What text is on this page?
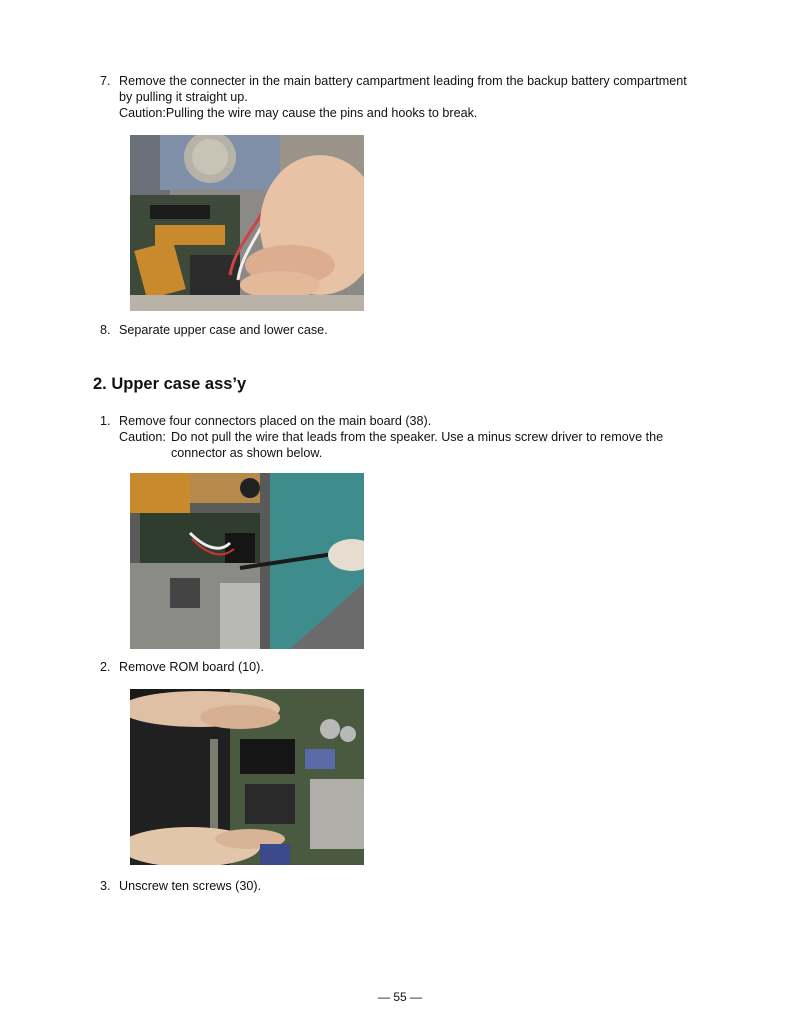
7. Remove the connecter in the main battery campartment leading from the backup battery compartment
by pulling it straight up.
Caution:Pulling the wire may cause the pins and hooks to break.
8. Separate upper case and lower case.
2. Upper case ass’y
1. Remove four connectors placed on the main board (38).
Caution: Do not pull the wire that leads from the speaker. Use a minus screw driver to remove the
connector as shown below.
2. Remove ROM board (10).
3. Unscrew ten screws (30).
— 55 —
